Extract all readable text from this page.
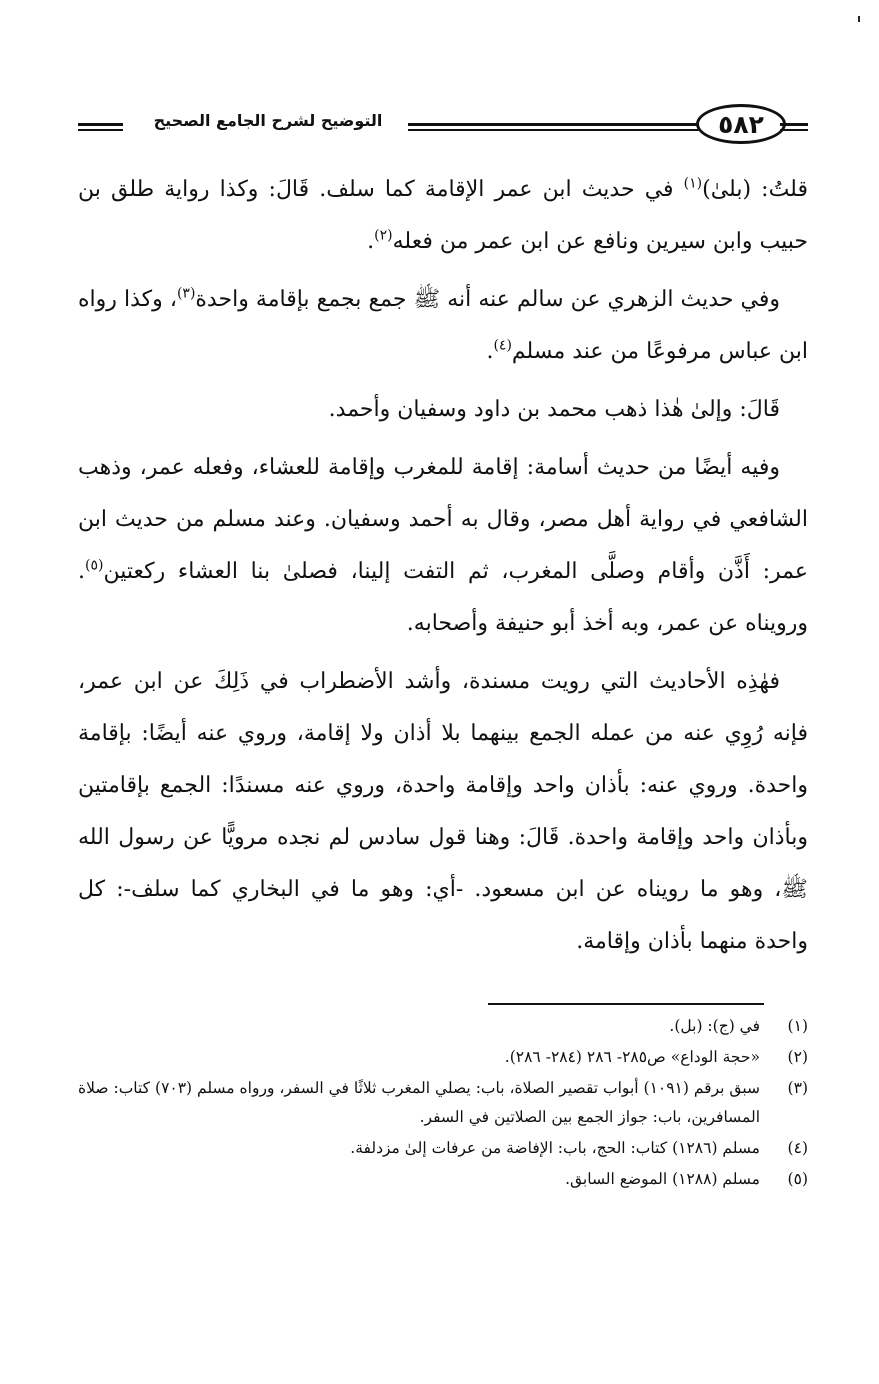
التوضيح لشرح الجامع الصحيح	٥٨٢

قلتُ: (بلىٰ)$^{(١)}$ في حديث ابن عمر الإقامة كما سلف. قَالَ: وكذا رواية طلق بن حبيب وابن سيرين ونافع عن ابن عمر من فعله$^{(٢)}$.

وفي حديث الزهري عن سالم عنه أنه ﷺ جمع بجمع بإقامة واحدة$^{(٣)}$، وكذا رواه ابن عباس مرفوعًا من عند مسلم$^{(٤)}$.

قَالَ: وإلىٰ هٰذا ذهب محمد بن داود وسفيان وأحمد.

وفيه أيضًا من حديث أسامة: إقامة للمغرب وإقامة للعشاء، وفعله عمر، وذهب الشافعي في رواية أهل مصر، وقال به أحمد وسفيان. وعند مسلم من حديث ابن عمر: أَذَّن وأقام وصلَّى المغرب، ثم التفت إلينا، فصلىٰ بنا العشاء ركعتين$^{(٥)}$. ورويناه عن عمر، وبه أخذ أبو حنيفة وأصحابه.

فهٰذِه الأحاديث التي رويت مسندة، وأشد الأضطراب في ذَلِكَ عن ابن عمر، فإنه رُوِي عنه من عمله الجمع بينهما بلا أذان ولا إقامة، وروي عنه أيضًا: بإقامة واحدة. وروي عنه: بأذان واحد وإقامة واحدة، وروي عنه مسندًا: الجمع بإقامتين وبأذان واحد وإقامة واحدة. قَالَ: وهنا قول سادس لم نجده مرويًّا عن رسول الله ﷺ، وهو ما رويناه عن ابن مسعود. -أي: وهو ما في البخاري كما سلف-: كل واحدة منهما بأذان وإقامة.

(١)
في (ج): (بل).
(٢)
«حجة الوداع» ص٢٨٥- ٢٨٦ (٢٨٤- ٢٨٦).
(٣)
سبق برقم (١٠٩١) أبواب تقصير الصلاة، باب: يصلي المغرب ثلاثًا في السفر، ورواه مسلم (٧٠٣) كتاب: صلاة المسافرين، باب: جواز الجمع بين الصلاتين في السفر.
(٤)
مسلم (١٢٨٦) كتاب: الحج، باب: الإفاضة من عرفات إلىٰ مزدلفة.
(٥)
مسلم (١٢٨٨) الموضع السابق.
